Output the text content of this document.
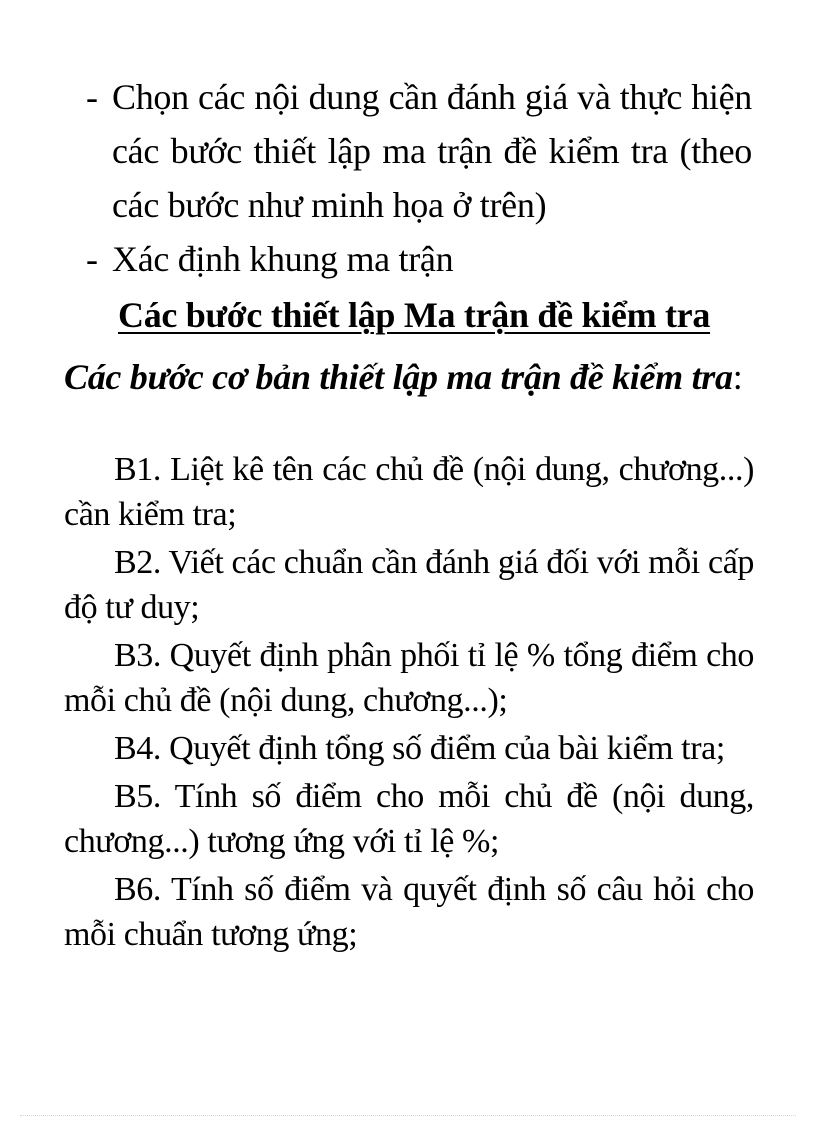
- Chọn các nội dung cần đánh giá và thực hiện các bước thiết lập ma trận đề kiểm tra (theo các bước như minh họa ở trên)
- Xác định khung ma trận
Các bước thiết lập Ma trận đề kiểm tra
Các bước cơ bản thiết lập ma trận đề kiểm tra:

B1. Liệt kê tên các chủ đề (nội dung, chương...) cần kiểm tra;

B2. Viết các chuẩn cần đánh giá đối với mỗi cấp độ tư duy;

B3. Quyết định phân phối tỉ lệ % tổng điểm cho mỗi chủ đề (nội dung, chương...);

B4. Quyết định tổng số điểm của bài kiểm tra;

B5. Tính số điểm cho mỗi chủ đề (nội dung, chương...) tương ứng với tỉ lệ %;

B6. Tính số điểm và quyết định số câu hỏi cho mỗi chuẩn tương ứng;
